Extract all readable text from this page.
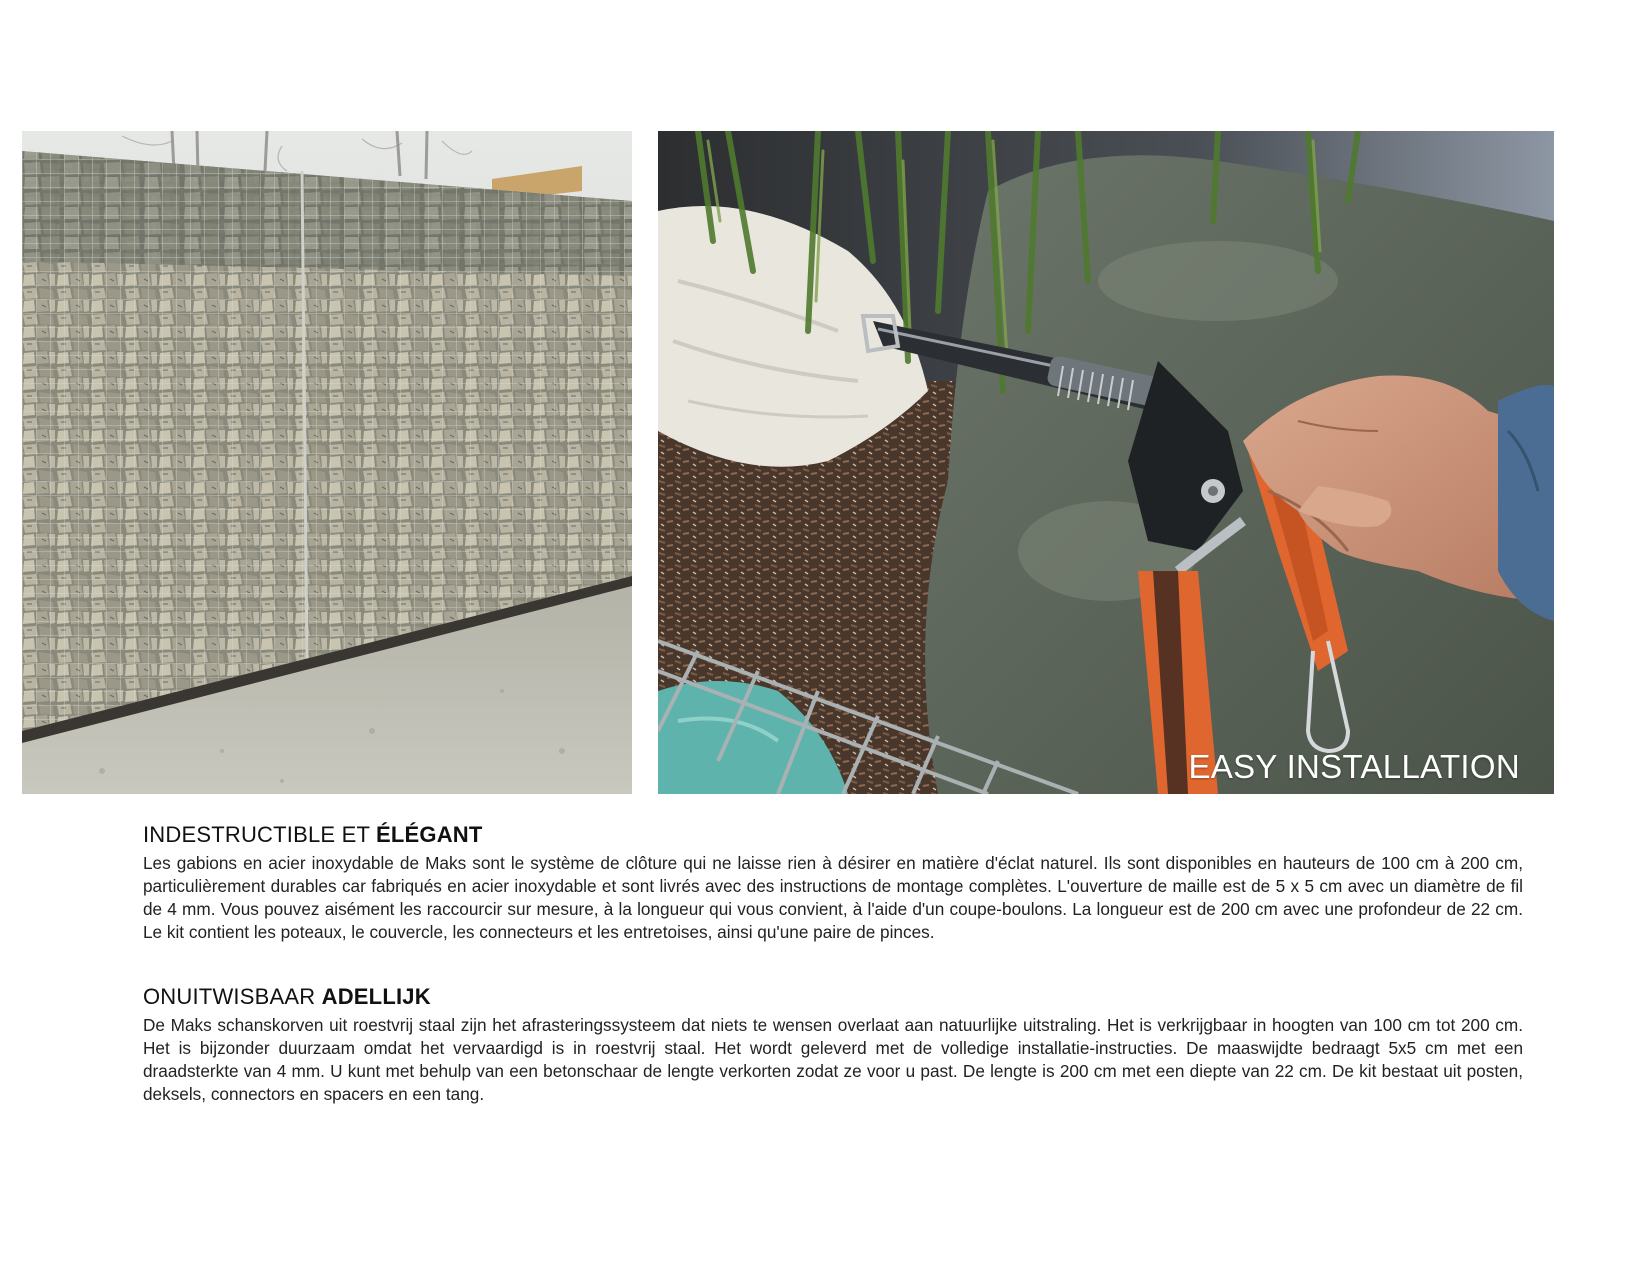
EASY INSTALLATION
INDESTRUCTIBLE ET ÉLÉGANT

Les gabions en acier inoxydable de Maks sont le système de clôture qui ne laisse rien à désirer en matière d'éclat naturel. Ils sont disponibles en hauteurs de 100 cm à 200 cm, particulièrement durables car fabriqués en acier inoxydable et sont livrés avec des instructions de montage complètes. L'ouverture de maille est de 5 x 5 cm avec un diamètre de fil de 4 mm. Vous pouvez aisément les raccourcir sur mesure, à la longueur qui vous convient, à l'aide d'un coupe-boulons. La longueur est de 200 cm avec une profondeur de 22 cm. Le kit contient les poteaux, le couvercle, les connecteurs et les entretoises, ainsi qu'une paire de pinces.

ONUITWISBAAR ADELLIJK

De Maks schanskorven uit roestvrij staal zijn het afrasteringssysteem dat niets te wensen overlaat aan natuurlijke uitstraling. Het is verkrijgbaar in hoogten van 100 cm tot 200 cm. Het is bijzonder duurzaam omdat het vervaardigd is in roestvrij staal. Het wordt geleverd met de volledige installatie-instructies. De maaswijdte bedraagt 5x5 cm met een draadsterkte van 4 mm. U kunt met behulp van een betonschaar de lengte verkorten zodat ze voor u past. De lengte is 200 cm met een diepte van 22 cm. De kit bestaat uit posten, deksels, connectors en spacers en een tang.
